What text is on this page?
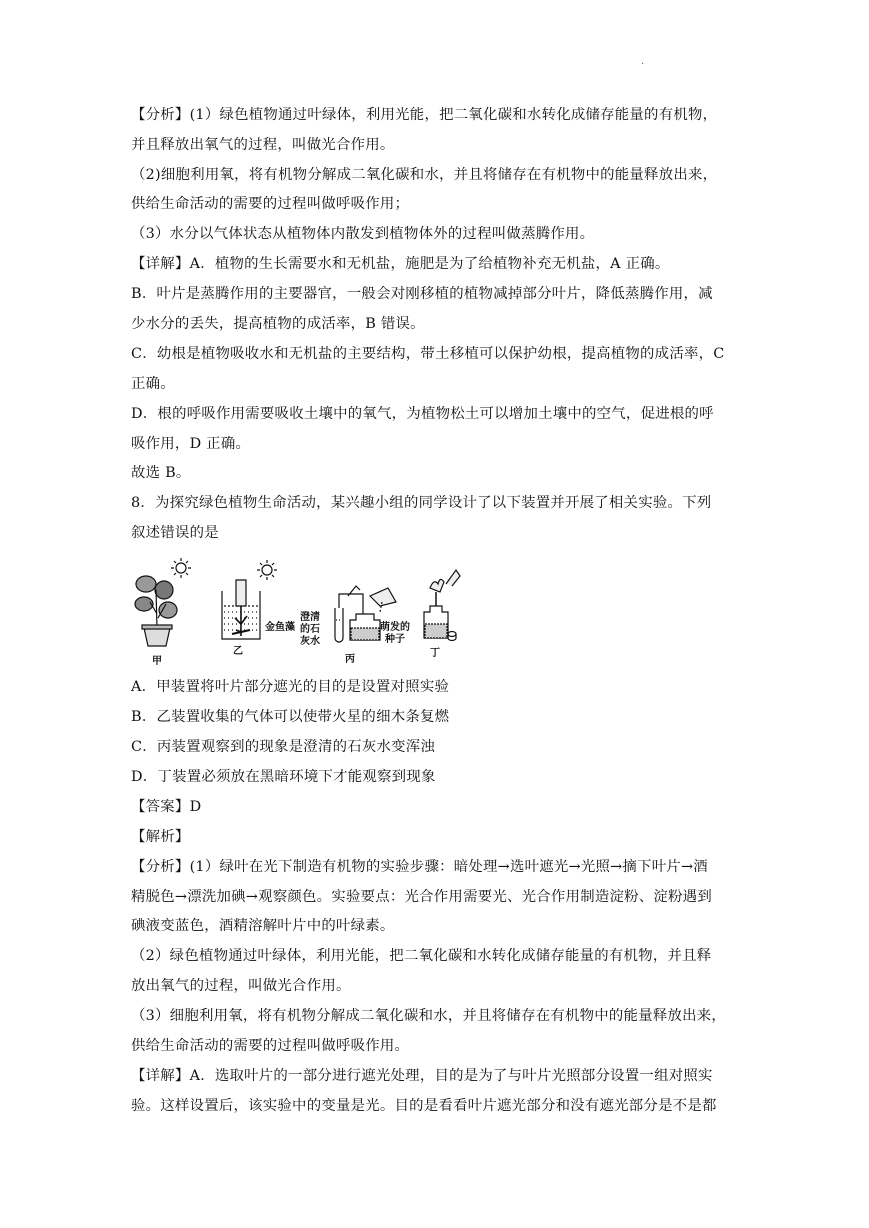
.
【分析】(1）绿色植物通过叶绿体，利用光能，把二氧化碳和水转化成储存能量的有机物，
并且释放出氧气的过程，叫做光合作用。
（2)细胞利用氧，将有机物分解成二氧化碳和水，并且将储存在有机物中的能量释放出来，
供给生命活动的需要的过程叫做呼吸作用；
（3）水分以气体状态从植物体内散发到植物体外的过程叫做蒸腾作用。
【详解】A．植物的生长需要水和无机盐，施肥是为了给植物补充无机盐，A 正确。
B．叶片是蒸腾作用的主要器官，一般会对刚移植的植物减掉部分叶片，降低蒸腾作用，减
少水分的丢失，提高植物的成活率，B 错误。
C．幼根是植物吸收水和无机盐的主要结构，带土移植可以保护幼根，提高植物的成活率，C
正确。
D．根的呼吸作用需要吸收土壤中的氧气，为植物松土可以增加土壤中的空气，促进根的呼
吸作用，D 正确。
故选 B。
8．为探究绿色植物生命活动，某兴趣小组的同学设计了以下装置并开展了相关实验。下列
叙述错误的是
A．甲装置将叶片部分遮光的目的是设置对照实验
B．乙装置收集的气体可以使带火星的细木条复燃
C．丙装置观察到的现象是澄清的石灰水变浑浊
D．丁装置必须放在黑暗环境下才能观察到现象
【答案】D
【解析】
【分析】(1）绿叶在光下制造有机物的实验步骤：暗处理→选叶遮光→光照→摘下叶片→酒
精脱色→漂洗加碘→观察颜色。实验要点：光合作用需要光、光合作用制造淀粉、淀粉遇到
碘液变蓝色，酒精溶解叶片中的叶绿素。
（2）绿色植物通过叶绿体，利用光能，把二氧化碳和水转化成储存能量的有机物，并且释
放出氧气的过程，叫做光合作用。
（3）细胞利用氧，将有机物分解成二氧化碳和水，并且将储存在有机物中的能量释放出来，
供给生命活动的需要的过程叫做呼吸作用。
【详解】A．选取叶片的一部分进行遮光处理，目的是为了与叶片光照部分设置一组对照实
验。这样设置后，该实验中的变量是光。目的是看看叶片遮光部分和没有遮光部分是不是都
甲
金鱼藻
乙
澄清
的石
灰水
萌发的
种子
丙
丁
